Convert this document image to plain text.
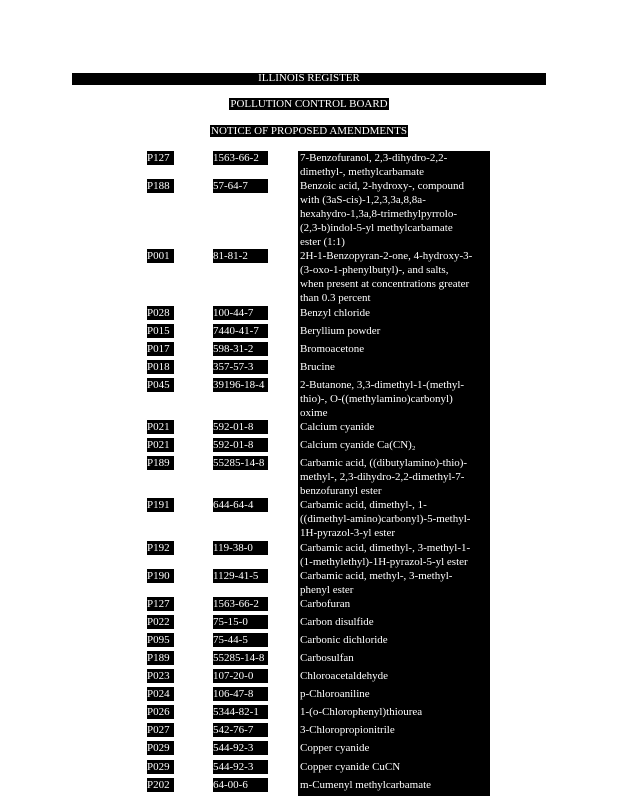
ILLINOIS REGISTER
POLLUTION CONTROL BOARD
NOTICE OF PROPOSED AMENDMENTS
P127	1563-66-2	7-Benzofuranol, 2,3-dihydro-2,2-
dimethyl-, methylcarbamate
P188	57-64-7	Benzoic acid, 2-hydroxy-, compound
with (3aS-cis)-1,2,3,3a,8,8a-
hexahydro-1,3a,8-trimethylpyrrolo-
(2,3-b)indol-5-yl methylcarbamate
ester (1:1)
P001	81-81-2	2H-1-Benzopyran-2-one, 4-hydroxy-3-
(3-oxo-1-phenylbutyl)-, and salts,
when present at concentrations greater
than 0.3 percent
P028	100-44-7	Benzyl chloride
P015	7440-41-7	Beryllium powder
P017	598-31-2	Bromoacetone
P018	357-57-3	Brucine
P045	39196-18-4	2-Butanone, 3,3-dimethyl-1-(methyl-
thio)-, O-((methylamino)carbonyl)
oxime
P021	592-01-8	Calcium cyanide
P021	592-01-8	Calcium cyanide Ca(CN)₂
P189	55285-14-8	Carbamic acid, ((dibutylamino)-thio)-
methyl-, 2,3-dihydro-2,2-dimethyl-7-
benzofuranyl ester
P191	644-64-4	Carbamic acid, dimethyl-, 1-
((dimethyl-amino)carbonyl)-5-methyl-
1H-pyrazol-3-yl ester
P192	119-38-0	Carbamic acid, dimethyl-, 3-methyl-1-
(1-methylethyl)-1H-pyrazol-5-yl ester
P190	1129-41-5	Carbamic acid, methyl-, 3-methyl-
phenyl ester
P127	1563-66-2	Carbofuran
P022	75-15-0	Carbon disulfide
P095	75-44-5	Carbonic dichloride
P189	55285-14-8	Carbosulfan
P023	107-20-0	Chloroacetaldehyde
P024	106-47-8	p-Chloroaniline
P026	5344-82-1	1-(o-Chlorophenyl)thiourea
P027	542-76-7	3-Chloropropionitrile
P029	544-92-3	Copper cyanide
P029	544-92-3	Copper cyanide CuCN
P202	64-00-6	m-Cumenyl methylcarbamate
